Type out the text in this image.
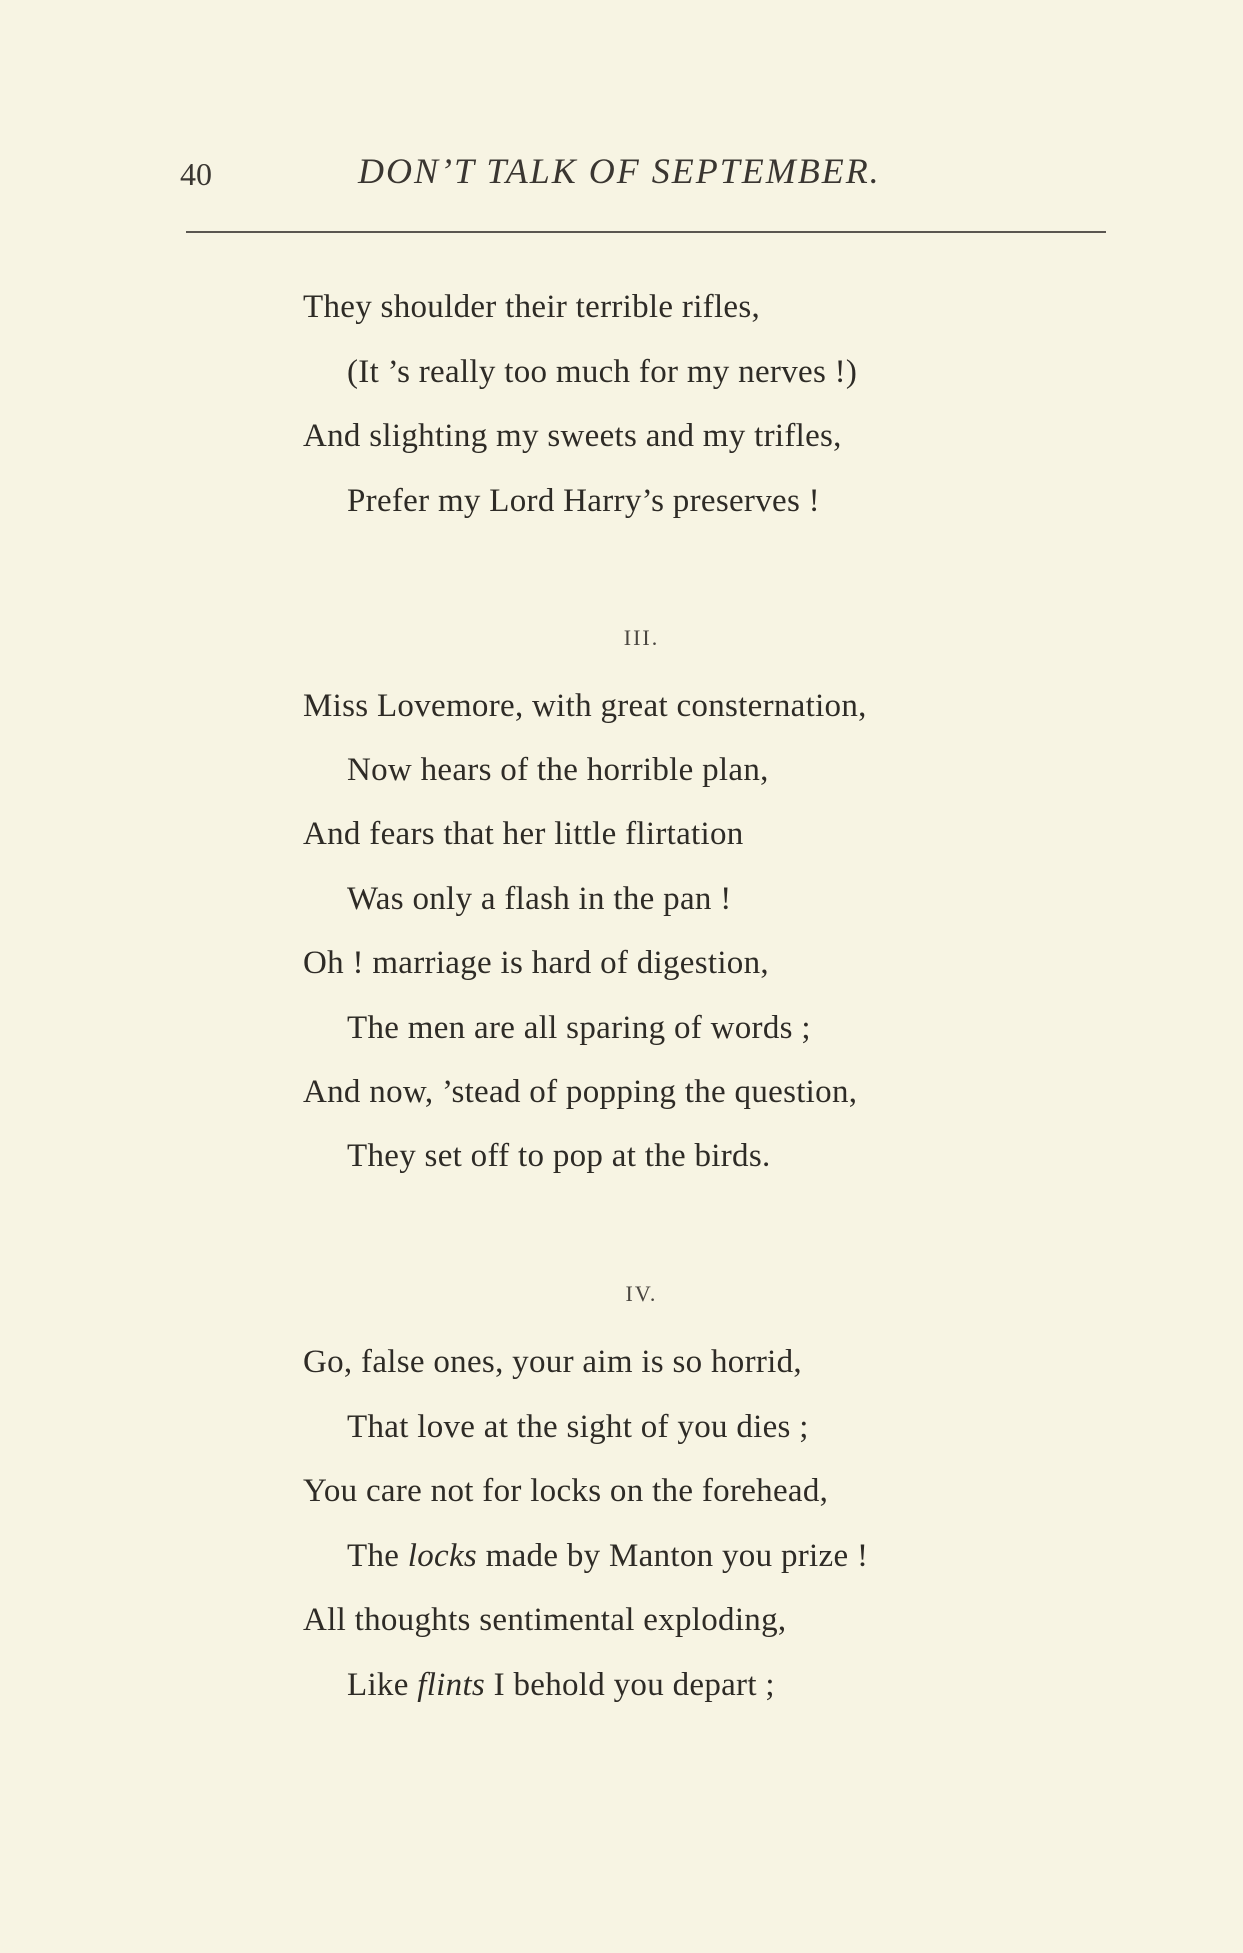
40	DON’T TALK OF SEPTEMBER.
They shoulder their terrible rifles,
(It ’s really too much for my nerves !)
And slighting my sweets and my trifles,
Prefer my Lord Harry’s preserves !
III.
Miss Lovemore, with great consternation,
Now hears of the horrible plan,
And fears that her little flirtation
Was only a flash in the pan !
Oh ! marriage is hard of digestion,
The men are all sparing of words ;
And now, ’stead of popping the question,
They set off to pop at the birds.
IV.
Go, false ones, your aim is so horrid,
That love at the sight of you dies ;
You care not for locks on the forehead,
The locks made by Manton you prize !
All thoughts sentimental exploding,
Like flints I behold you depart ;
